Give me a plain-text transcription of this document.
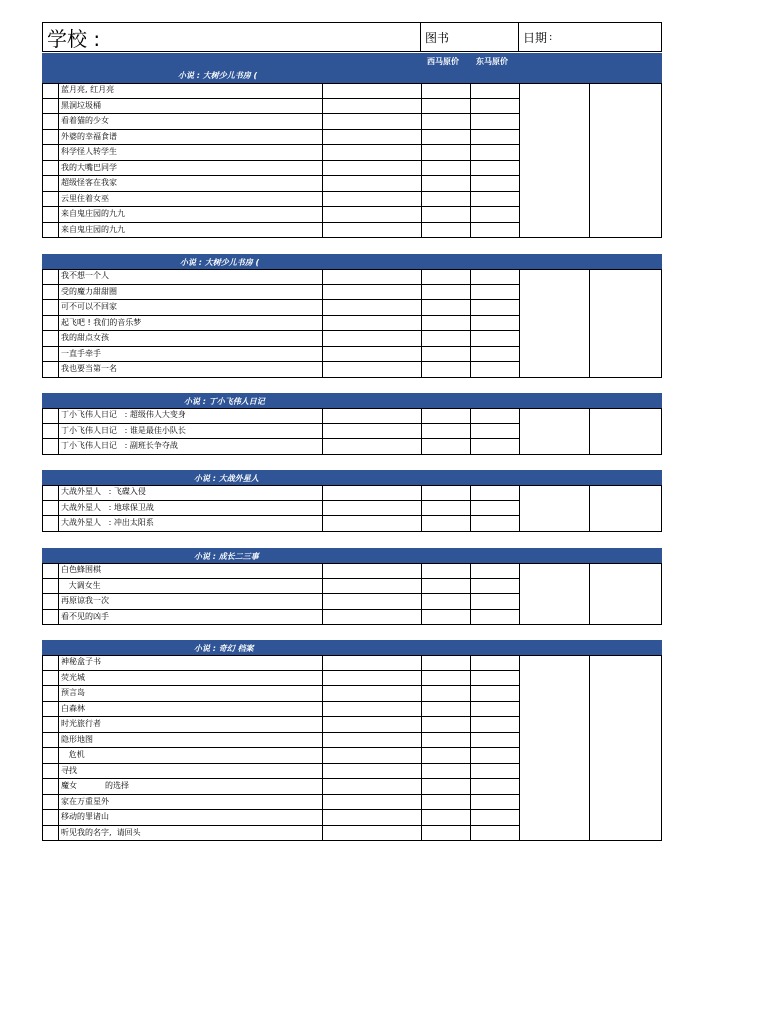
学校 :	图书	日期 :
小说 : 大树少儿书房 (
西马原价 东马原价
蓝月亮, 红月亮
黑洞垃圾桶
看着猫的少女
外婆的幸福食谱
科学怪人转学生
我的大嘴巴同学
超级怪客在我家
云里住着女巫
来自鬼庄园的九九
来自鬼庄园的九九
小说 : 大树少儿书房 (
我不想一个人
受的魔力甜甜圈
可不可以不回家
起飞吧 ! 我们的音乐梦
我的甜点女孩
一直手牵手
我也要当第一名
小说 : 丁小飞伟人日记
丁小飞伟人日记   : 超级伟人大变身
丁小飞伟人日记   : 谁是最佳小队长
丁小飞伟人日记   : 副班长争夺战
小说 : 大战外星人
大战外星人   : 飞碟入侵
大战外星人   : 地球保卫战
大战外星人   : 冲出太阳系
小说 : 成长二三事
白色蜂围棋
大调女生
再原谅我一次
看不见的凶手
小说 : 奇幻 档案
神秘盒子书
荧光城
预言岛
白森林
时光旅行者
隐形地图
危机
寻找
魔女           的选择
家在万重星外
移动的罪诸山
听见我的名字,  请回头
